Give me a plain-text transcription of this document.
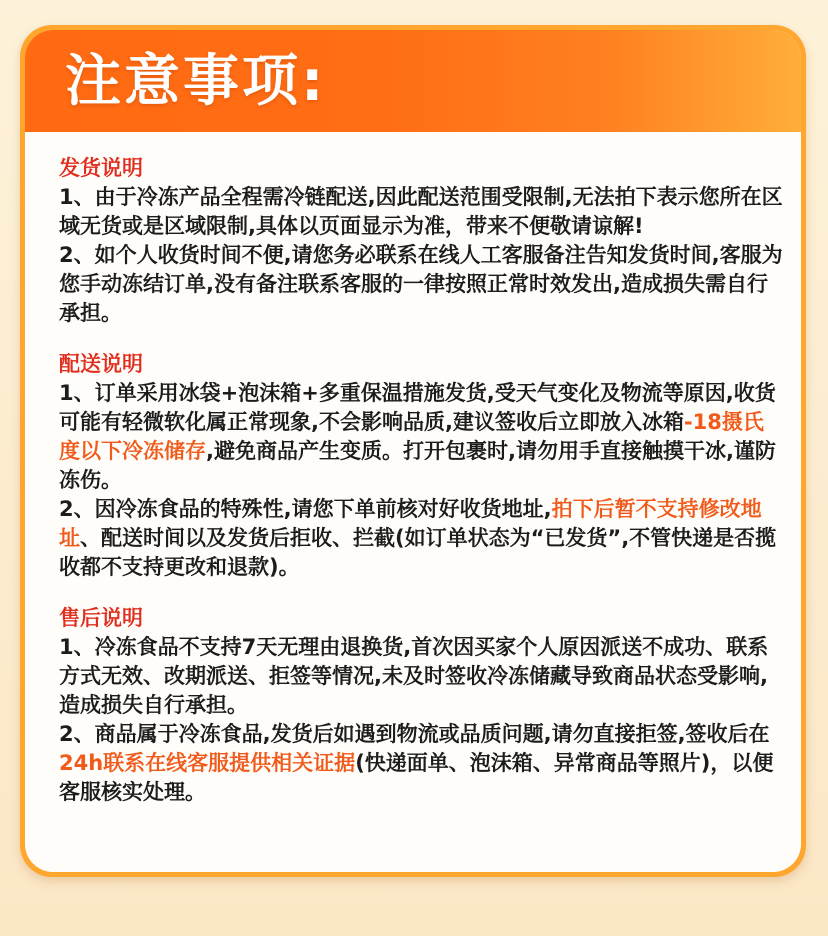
注意事项:
发货说明
1、由于冷冻产品全程需冷链配送,因此配送范围受限制,无法拍下表示您所在区域无货或是区域限制,具体以页面显示为准，带来不便敬请谅解!
2、如个人收货时间不便,请您务必联系在线人工客服备注告知发货时间,客服为您手动冻结订单,没有备注联系客服的一律按照正常时效发出,造成损失需自行承担。
配送说明
1、订单采用冰袋+泡沫箱+多重保温措施发货,受天气变化及物流等原因,收货可能有轻微软化属正常现象,不会影响品质,建议签收后立即放入冰箱-18摄氏度以下冷冻储存,避免商品产生变质。打开包裹时,请勿用手直接触摸干冰,谨防冻伤。
2、因冷冻食品的特殊性,请您下单前核对好收货地址,拍下后暂不支持修改地址、配送时间以及发货后拒收、拦截(如订单状态为“已发货”,不管快递是否揽收都不支持更改和退款)。
售后说明
1、冷冻食品不支持7天无理由退换货,首次因买家个人原因派送不成功、联系方式无效、改期派送、拒签等情况,未及时签收冷冻储藏导致商品状态受影响,造成损失自行承担。
2、商品属于冷冻食品,发货后如遇到物流或品质问题,请勿直接拒签,签收后在24h联系在线客服提供相关证据(快递面单、泡沫箱、异常商品等照片)，以便客服核实处理。
